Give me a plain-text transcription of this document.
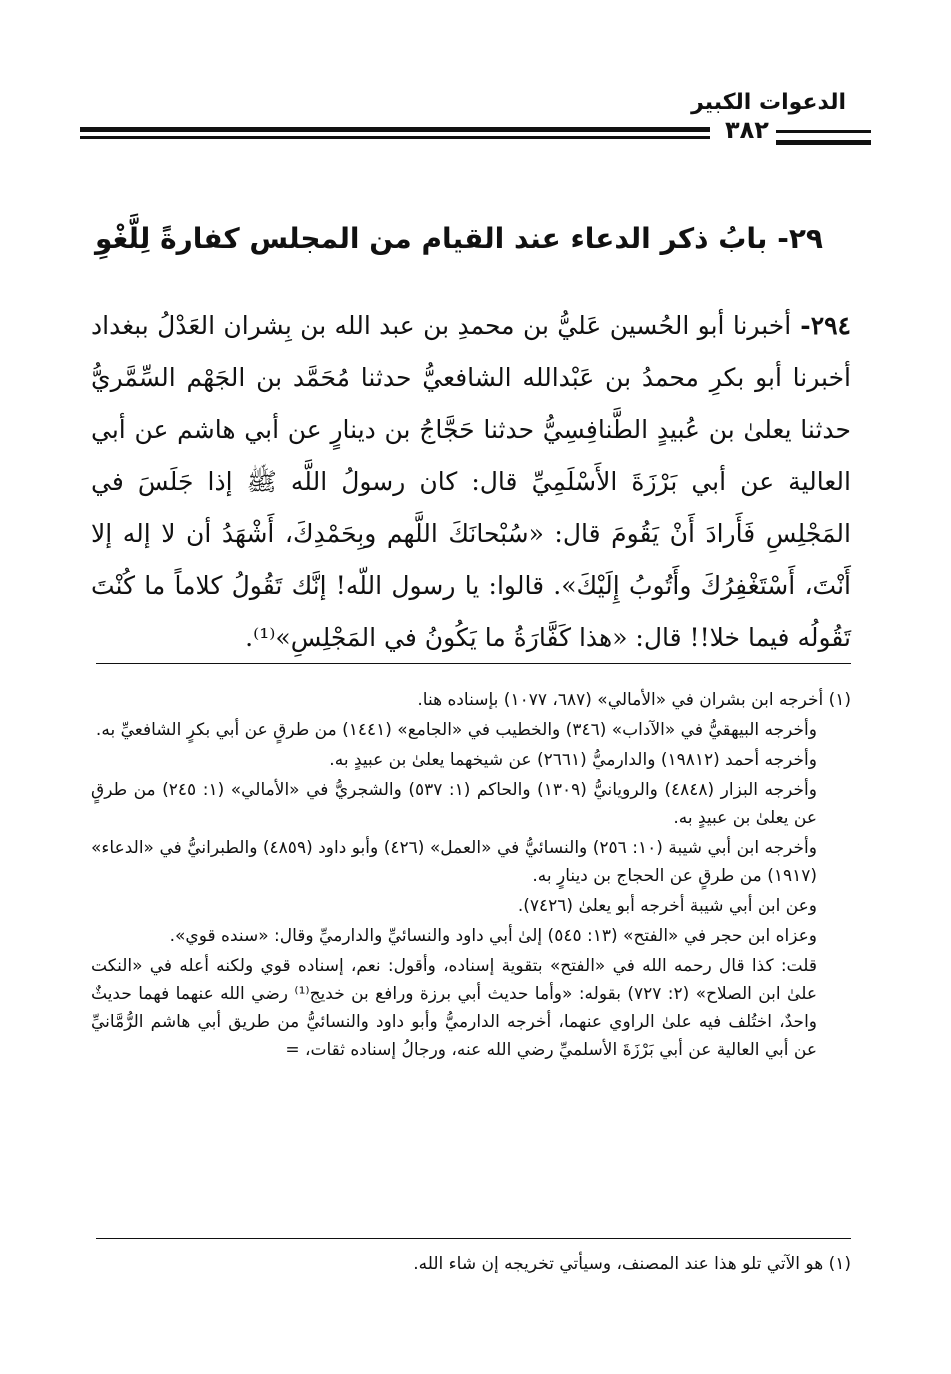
الدعوات الكبير
٣٨٢
٢٩- بابُ ذكر الدعاء عند القيام من المجلس كفارةً لِلَّغْوِ

٢٩٤- أخبرنا أبو الحُسين عَليُّ بن محمدِ بن عبد الله بن بِشران العَدْلُ ببغداد أخبرنا أبو بكرِ محمدُ بن عَبْدالله الشافعيُّ حدثنا مُحَمَّد بن الجَهْم السِّمَّريُّ حدثنا يعلىٰ بن عُبيدٍ الطَّنافِسِيُّ حدثنا حَجَّاجُ بن دينارٍ عن أبي هاشم عن أبي العالية عن أبي بَرْزَةَ الأَسْلَمِيِّ قال: كان رسولُ اللَّه ﷺ إذا جَلَسَ في المَجْلِسِ فَأَرادَ أَنْ يَقُومَ قال: «سُبْحانَكَ اللَّهم وبِحَمْدِكَ، أَشْهَدُ أن لا إله إلا أَنْتَ، أَسْتَغْفِرُكَ وأَتُوبُ إِلَيْكَ». قالوا: يا رسول اللّه! إنَّك تَقُولُ كلاماً ما كُنْتَ تَقُولُه فيما خلا!! قال: «هذا كَفَّارَةُ ما يَكُونُ في المَجْلِسِ»⁽¹⁾.

(١) أخرجه ابن بشران في «الأمالي» (٦٨٧، ١٠٧٧) بإسناده هنا.

وأخرجه البيهقيُّ في «الآداب» (٣٤٦) والخطيب في «الجامع» (١٤٤١) من طرقٍ عن أبي بكرٍ الشافعيِّ به.

وأخرجه أحمد (١٩٨١٢) والدارميُّ (٢٦٦١) عن شيخهما يعلىٰ بن عبيدٍ به.

وأخرجه البزار (٤٨٤٨) والرويانيُّ (١٣٠٩) والحاكم (١: ٥٣٧) والشجريُّ في «الأمالي» (١: ٢٤٥) من طرقٍ عن يعلىٰ بن عبيدٍ به.

وأخرجه ابن أبي شيبة (١٠: ٢٥٦) والنسائيُّ في «العمل» (٤٢٦) وأبو داود (٤٨٥٩) والطبرانيُّ في «الدعاء» (١٩١٧) من طرقٍ عن الحجاج بن دينارٍ به.

وعن ابن أبي شيبة أخرجه أبو يعلىٰ (٧٤٢٦).

وعزاه ابن حجر في «الفتح» (١٣: ٥٤٥) إلىٰ أبي داود والنسائيِّ والدارميِّ وقال: «سنده قوي».

قلت: كذا قال رحمه الله في «الفتح» بتقوية إسناده، وأقول: نعم، إسناده قوي ولكنه أعله في «النكت علىٰ ابن الصلاح» (٢: ٧٢٧) بقوله: «وأما حديث أبي برزة ورافع بن خديج⁽¹⁾ رضي الله عنهما فهما حديثٌ واحدٌ، اختُلف فيه علىٰ الراوي عنهما، أخرجه الدارميُّ وأبو داود والنسائيُّ من طريق أبي هاشم الرُّمَّانيِّ عن أبي العالية عن أبي بَرْزَةَ الأسلميِّ رضي الله عنه، ورجالُ إسناده ثقات، =

(١) هو الآتي تلو هذا عند المصنف، وسيأتي تخريجه إن شاء الله.
